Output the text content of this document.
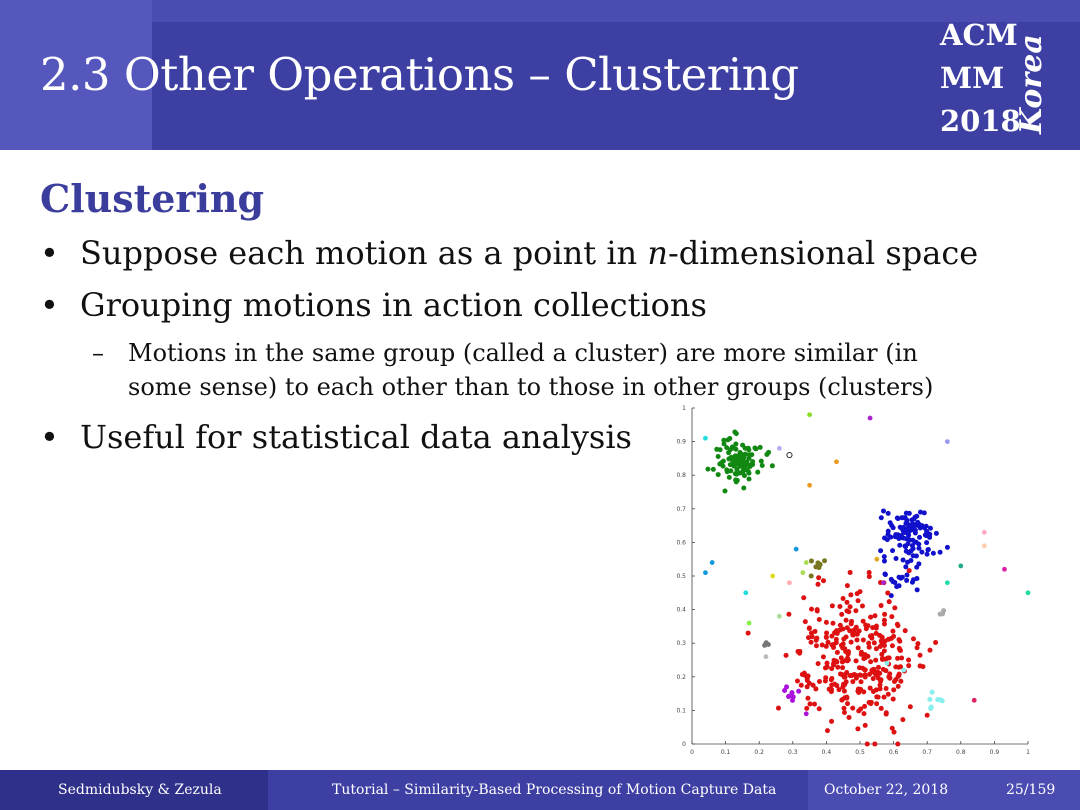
2.3 Other Operations – Clustering
ACM
MM
2018
Korea
Clustering
• Suppose each motion as a point in n-dimensional space
• Grouping motions in action collections
– Motions in the same group (called a cluster) are more similar (in
some sense) to each other than to those in other groups (clusters)
• Useful for statistical data analysis
0	0.1	0.2	0.3	0.4	0.5	0.6	0.7	0.8	0.9	1
0
0.1
0.2
0.3
0.4
0.5
0.6
0.7
0.8
0.9
1
Sedmidubsky & Zezula	Tutorial – Similarity-Based Processing of Motion Capture Data	October 22, 2018	25/159
